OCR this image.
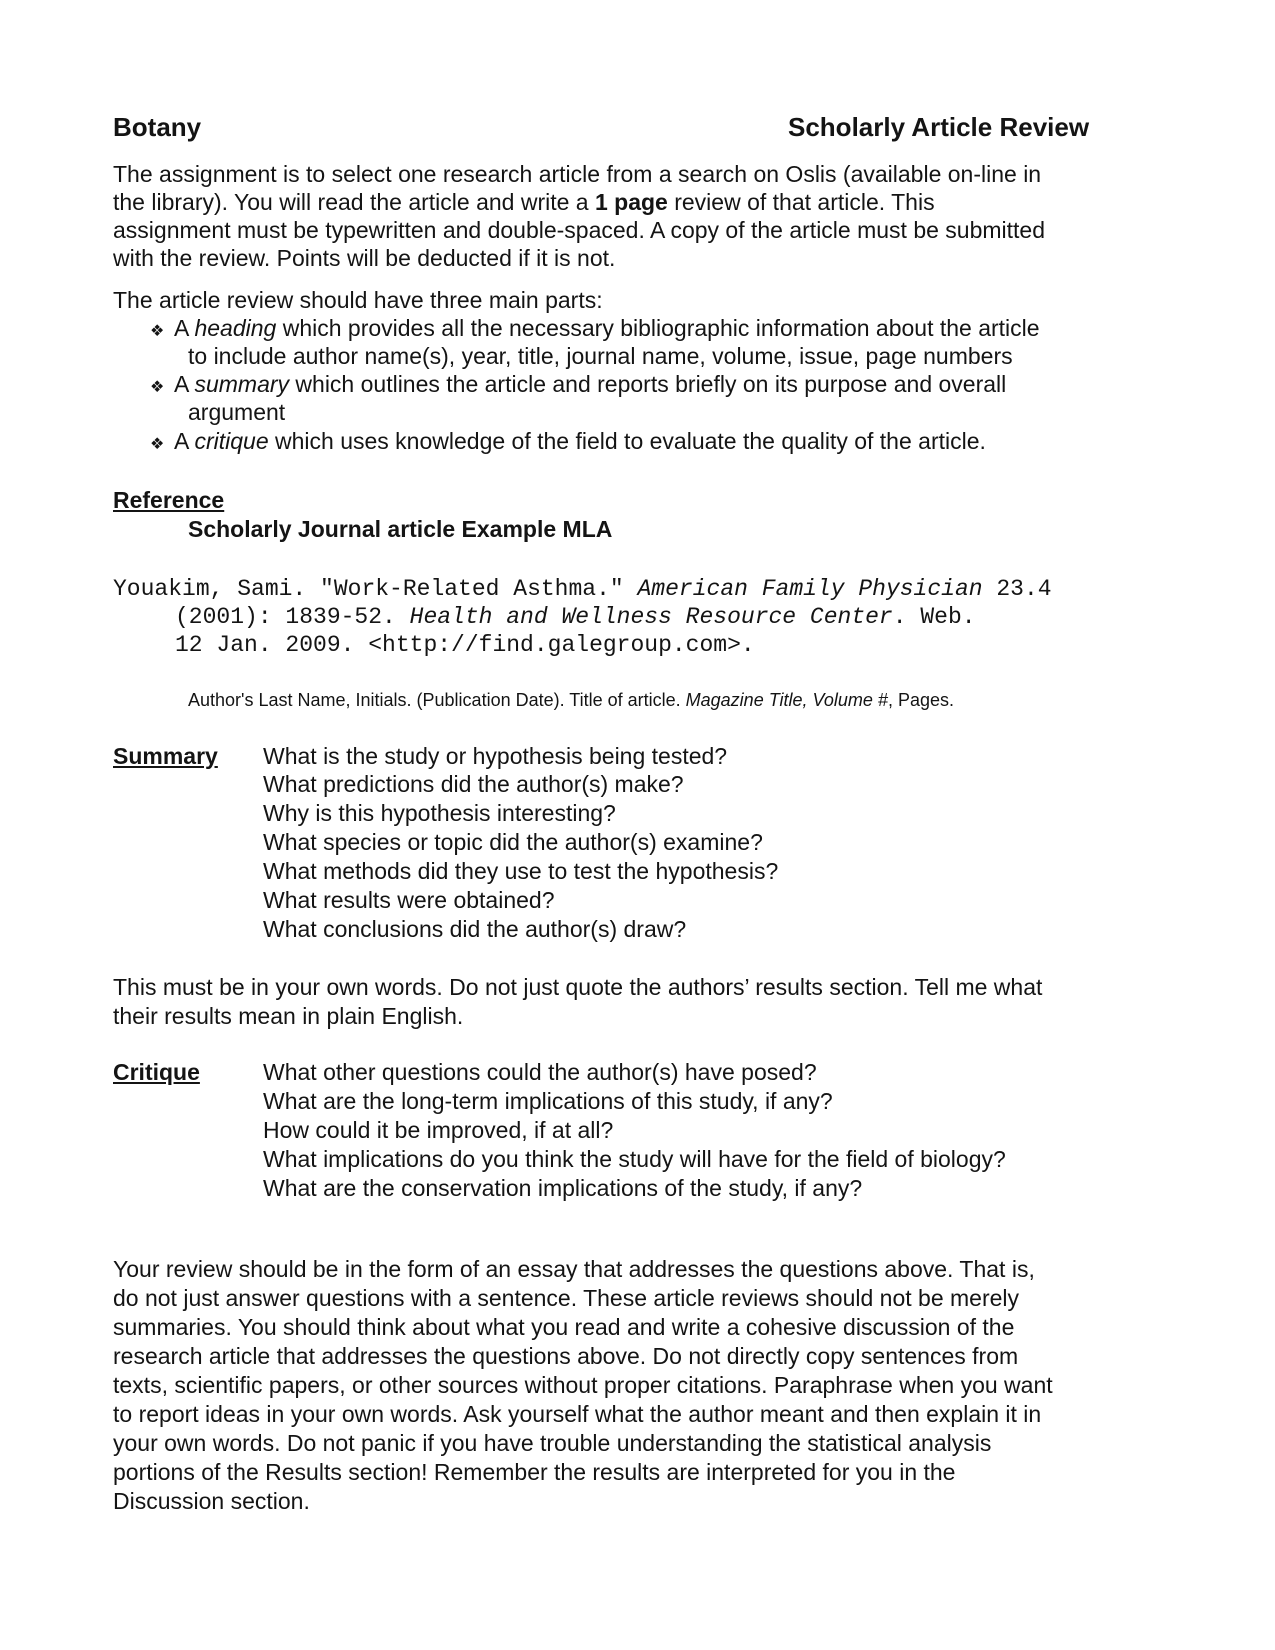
Botany	Scholarly Article Review
The assignment is to select one research article from a search on Oslis (available on-line in
the library). You will read the article and write a 1 page review of that article. This
assignment must be typewritten and double-spaced. A copy of the article must be submitted
with the review. Points will be deducted if it is not.
The article review should have three main parts:
❖ A heading which provides all the necessary bibliographic information about the article
to include author name(s), year, title, journal name, volume, issue, page numbers
❖ A summary which outlines the article and reports briefly on its purpose and overall
argument
❖ A critique which uses knowledge of the field to evaluate the quality of the article.
Reference
Scholarly Journal article Example MLA
Youakim, Sami. "Work-Related Asthma." American Family Physician 23.4
(2001): 1839-52. Health and Wellness Resource Center. Web.
12 Jan. 2009. <http://find.galegroup.com>.
Author's Last Name, Initials. (Publication Date). Title of article. Magazine Title, Volume #, Pages.
Summary What is the study or hypothesis being tested?
What predictions did the author(s) make?
Why is this hypothesis interesting?
What species or topic did the author(s) examine?
What methods did they use to test the hypothesis?
What results were obtained?
What conclusions did the author(s) draw?
This must be in your own words. Do not just quote the authors’ results section. Tell me what
their results mean in plain English.
Critique	What other questions could the author(s) have posed?
What are the long-term implications of this study, if any?
How could it be improved, if at all?
What implications do you think the study will have for the field of biology?
What are the conservation implications of the study, if any?
Your review should be in the form of an essay that addresses the questions above. That is,
do not just answer questions with a sentence. These article reviews should not be merely
summaries. You should think about what you read and write a cohesive discussion of the
research article that addresses the questions above. Do not directly copy sentences from
texts, scientific papers, or other sources without proper citations. Paraphrase when you want
to report ideas in your own words. Ask yourself what the author meant and then explain it in
your own words. Do not panic if you have trouble understanding the statistical analysis
portions of the Results section! Remember the results are interpreted for you in the
Discussion section.
